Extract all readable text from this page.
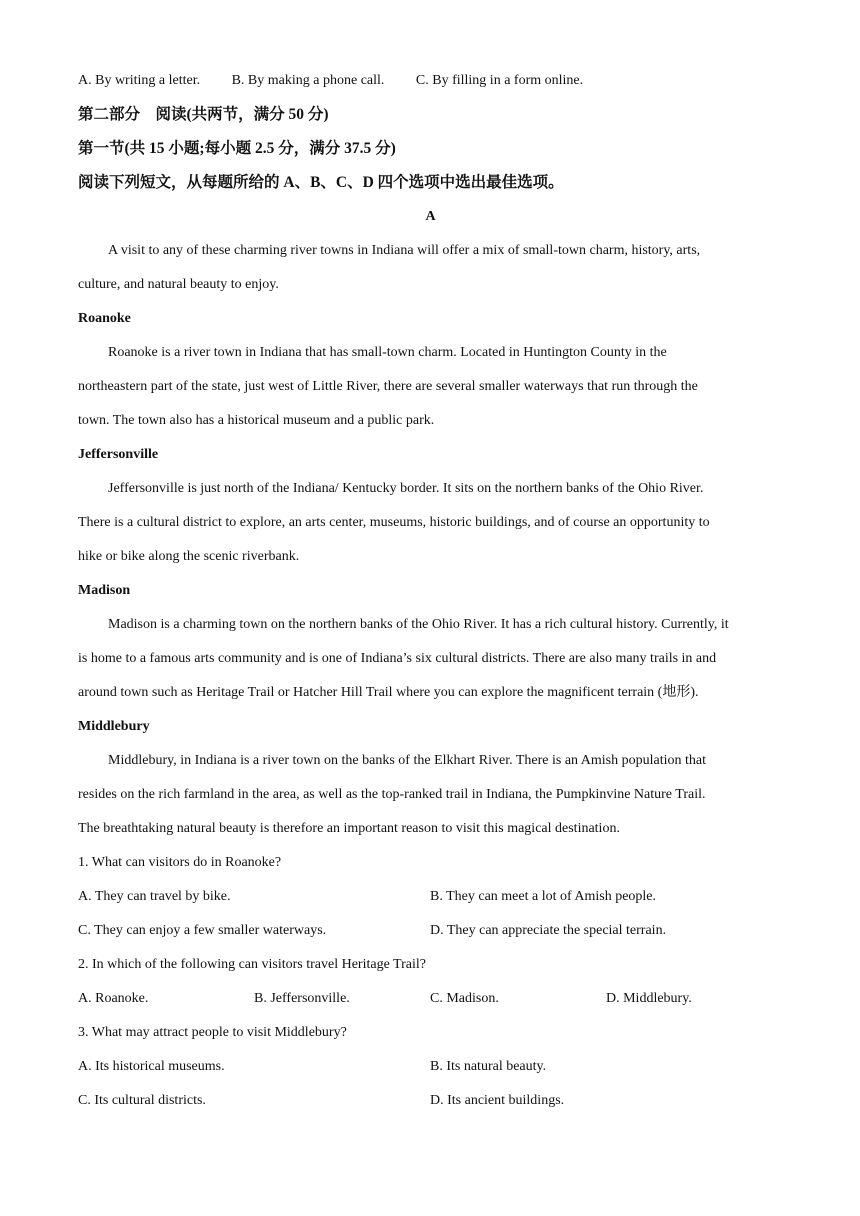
A. By writing a letter. B. By making a phone call. C. By filling in a form online.
第二部分　阅读(共两节，满分 50 分)
第一节(共 15 小题;每小题 2.5 分，满分 37.5 分)
阅读下列短文，从每题所给的 A、B、C、D 四个选项中选出最佳选项。
A
A visit to any of these charming river towns in Indiana will offer a mix of small-town charm, history, arts,
culture, and natural beauty to enjoy.
Roanoke
Roanoke is a river town in Indiana that has small-town charm. Located in Huntington County in the
northeastern part of the state, just west of Little River, there are several smaller waterways that run through the
town. The town also has a historical museum and a public park.
Jeffersonville
Jeffersonville is just north of the Indiana/ Kentucky border. It sits on the northern banks of the Ohio River.
There is a cultural district to explore, an arts center, museums, historic buildings, and of course an opportunity to
hike or bike along the scenic riverbank.
Madison
Madison is a charming town on the northern banks of the Ohio River. It has a rich cultural history. Currently, it
is home to a famous arts community and is one of Indiana’s six cultural districts. There are also many trails in and
around town such as Heritage Trail or Hatcher Hill Trail where you can explore the magnificent terrain (地形).
Middlebury
Middlebury, in Indiana is a river town on the banks of the Elkhart River. There is an Amish population that
resides on the rich farmland in the area, as well as the top-ranked trail in Indiana, the Pumpkinvine Nature Trail.
The breathtaking natural beauty is therefore an important reason to visit this magical destination.
1. What can visitors do in Roanoke?
A. They can travel by bike.	B. They can meet a lot of Amish people.
C. They can enjoy a few smaller waterways.	D. They can appreciate the special terrain.
2. In which of the following can visitors travel Heritage Trail?
A. Roanoke.	B. Jeffersonville.	C. Madison.	D. Middlebury.
3. What may attract people to visit Middlebury?
A. Its historical museums.	B. Its natural beauty.
C. Its cultural districts.	D. Its ancient buildings.
